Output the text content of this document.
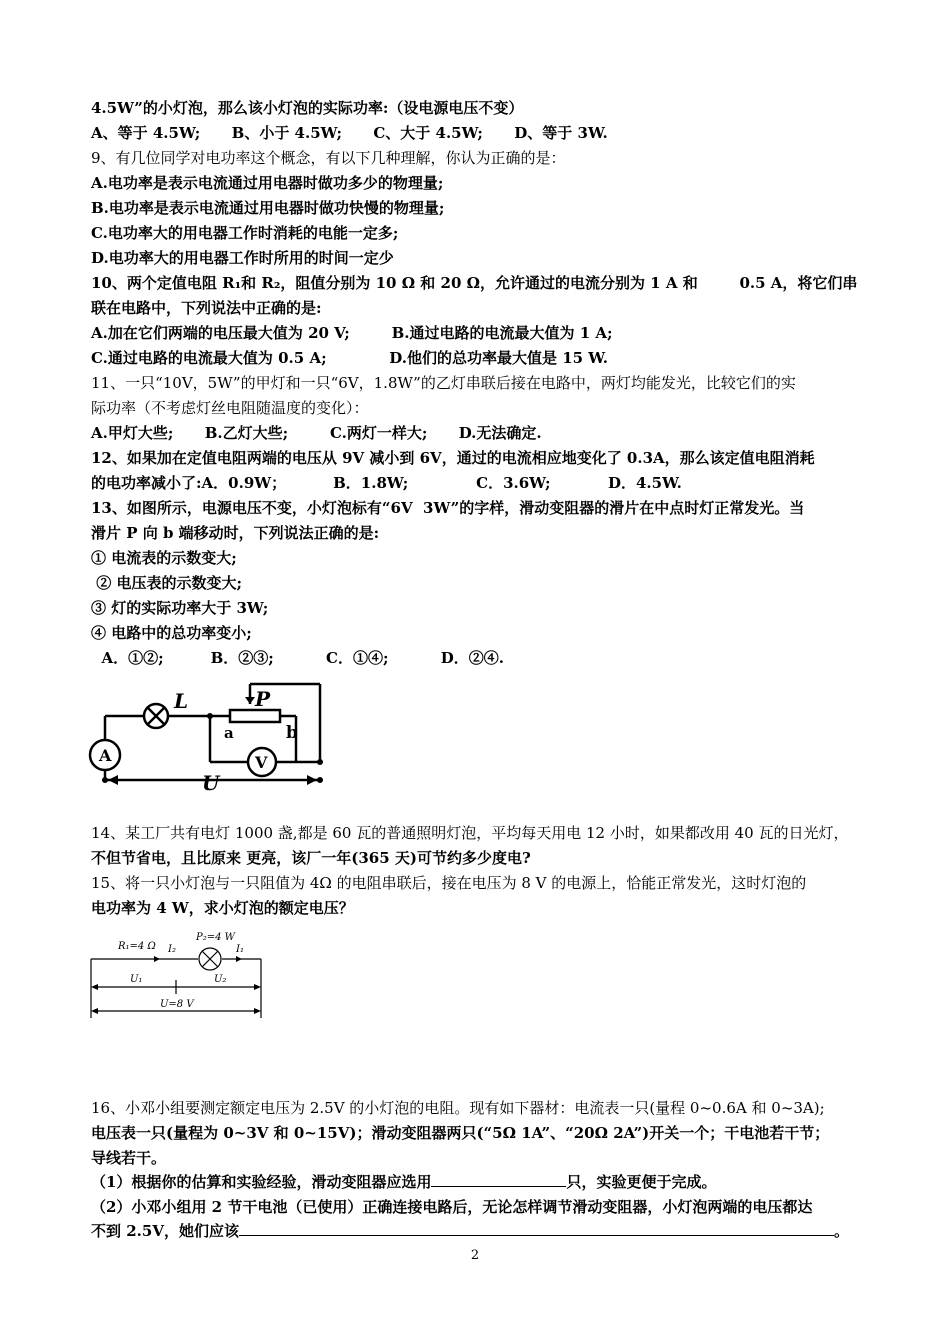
4.5W”的小灯泡，那么该小灯泡的实际功率:（设电源电压不变）
A、等于 4.5W;      B、小于 4.5W;      C、大于 4.5W;      D、等于 3W.
9、有几位同学对电功率这个概念，有以下几种理解，你认为正确的是：
A.电功率是表示电流通过用电器时做功多少的物理量;
B.电功率是表示电流通过用电器时做功快慢的物理量;
C.电功率大的用电器工作时消耗的电能一定多;
D.电功率大的用电器工作时所用的时间一定少
10、两个定值电阻 R₁和 R₂，阻值分别为 10 Ω 和 20 Ω，允许通过的电流分别为 1 A 和        0.5 A，将它们串
联在电路中，下列说法中正确的是:
A.加在它们两端的电压最大值为 20 V;        B.通过电路的电流最大值为 1 A;
C.通过电路的电流最大值为 0.5 A;            D.他们的总功率最大值是 15 W.
11、一只“10V，5W”的甲灯和一只“6V，1.8W”的乙灯串联后接在电路中，两灯均能发光，比较它们的实
际功率（不考虑灯丝电阻随温度的变化）：
A.甲灯大些;      B.乙灯大些;        C.两灯一样大;      D.无法确定.
12、如果加在定值电阻两端的电压从 9V 减小到 6V，通过的电流相应地变化了 0.3A，那么该定值电阻消耗
的电功率减小了:A．0.9W；         B．1.8W;             C．3.6W;           D．4.5W.
13、如图所示，电源电压不变，小灯泡标有“6V  3W”的字样，滑动变阻器的滑片在中点时灯正常发光。当
滑片 P 向 b 端移动时，下列说法正确的是:
① 电流表的示数变大;
② 电压表的示数变大;
③ 灯的实际功率大于 3W;
④ 电路中的总功率变小;
A．①②;         B．②③;          C．①④;          D．②④.
L	P
a	b
A	V
U
14、某工厂共有电灯 1000 盏,都是 60 瓦的普通照明灯泡，平均每天用电 12 小时，如果都改用 40 瓦的日光灯，
不但节省电，且比原来 更亮，该厂一年(365 天)可节约多少度电?
15、将一只小灯泡与一只阻值为 4Ω 的电阻串联后，接在电压为 8 V 的电源上，恰能正常发光，这时灯泡的
电功率为 4 W，求小灯泡的额定电压？
R₁=4 Ω I₂
P₂=4 W
I₁
U₁	U₂
U=8 V
16、小邓小组要测定额定电压为 2.5V 的小灯泡的电阻。现有如下器材：电流表一只(量程 0~0.6A 和 0~3A);
电压表一只(量程为 0~3V 和 0~15V)；滑动变阻器两只(“5Ω 1A”、“20Ω 2A”)开关一个；干电池若干节；
导线若干。
（1）根据你的估算和实验经验，滑动变阻器应选用	只，实验更便于完成。
（2）小邓小组用 2 节干电池（已使用）正确连接电路后，无论怎样调节滑动变阻器，小灯泡两端的电压都达
不到 2.5V，她们应该	。
2
